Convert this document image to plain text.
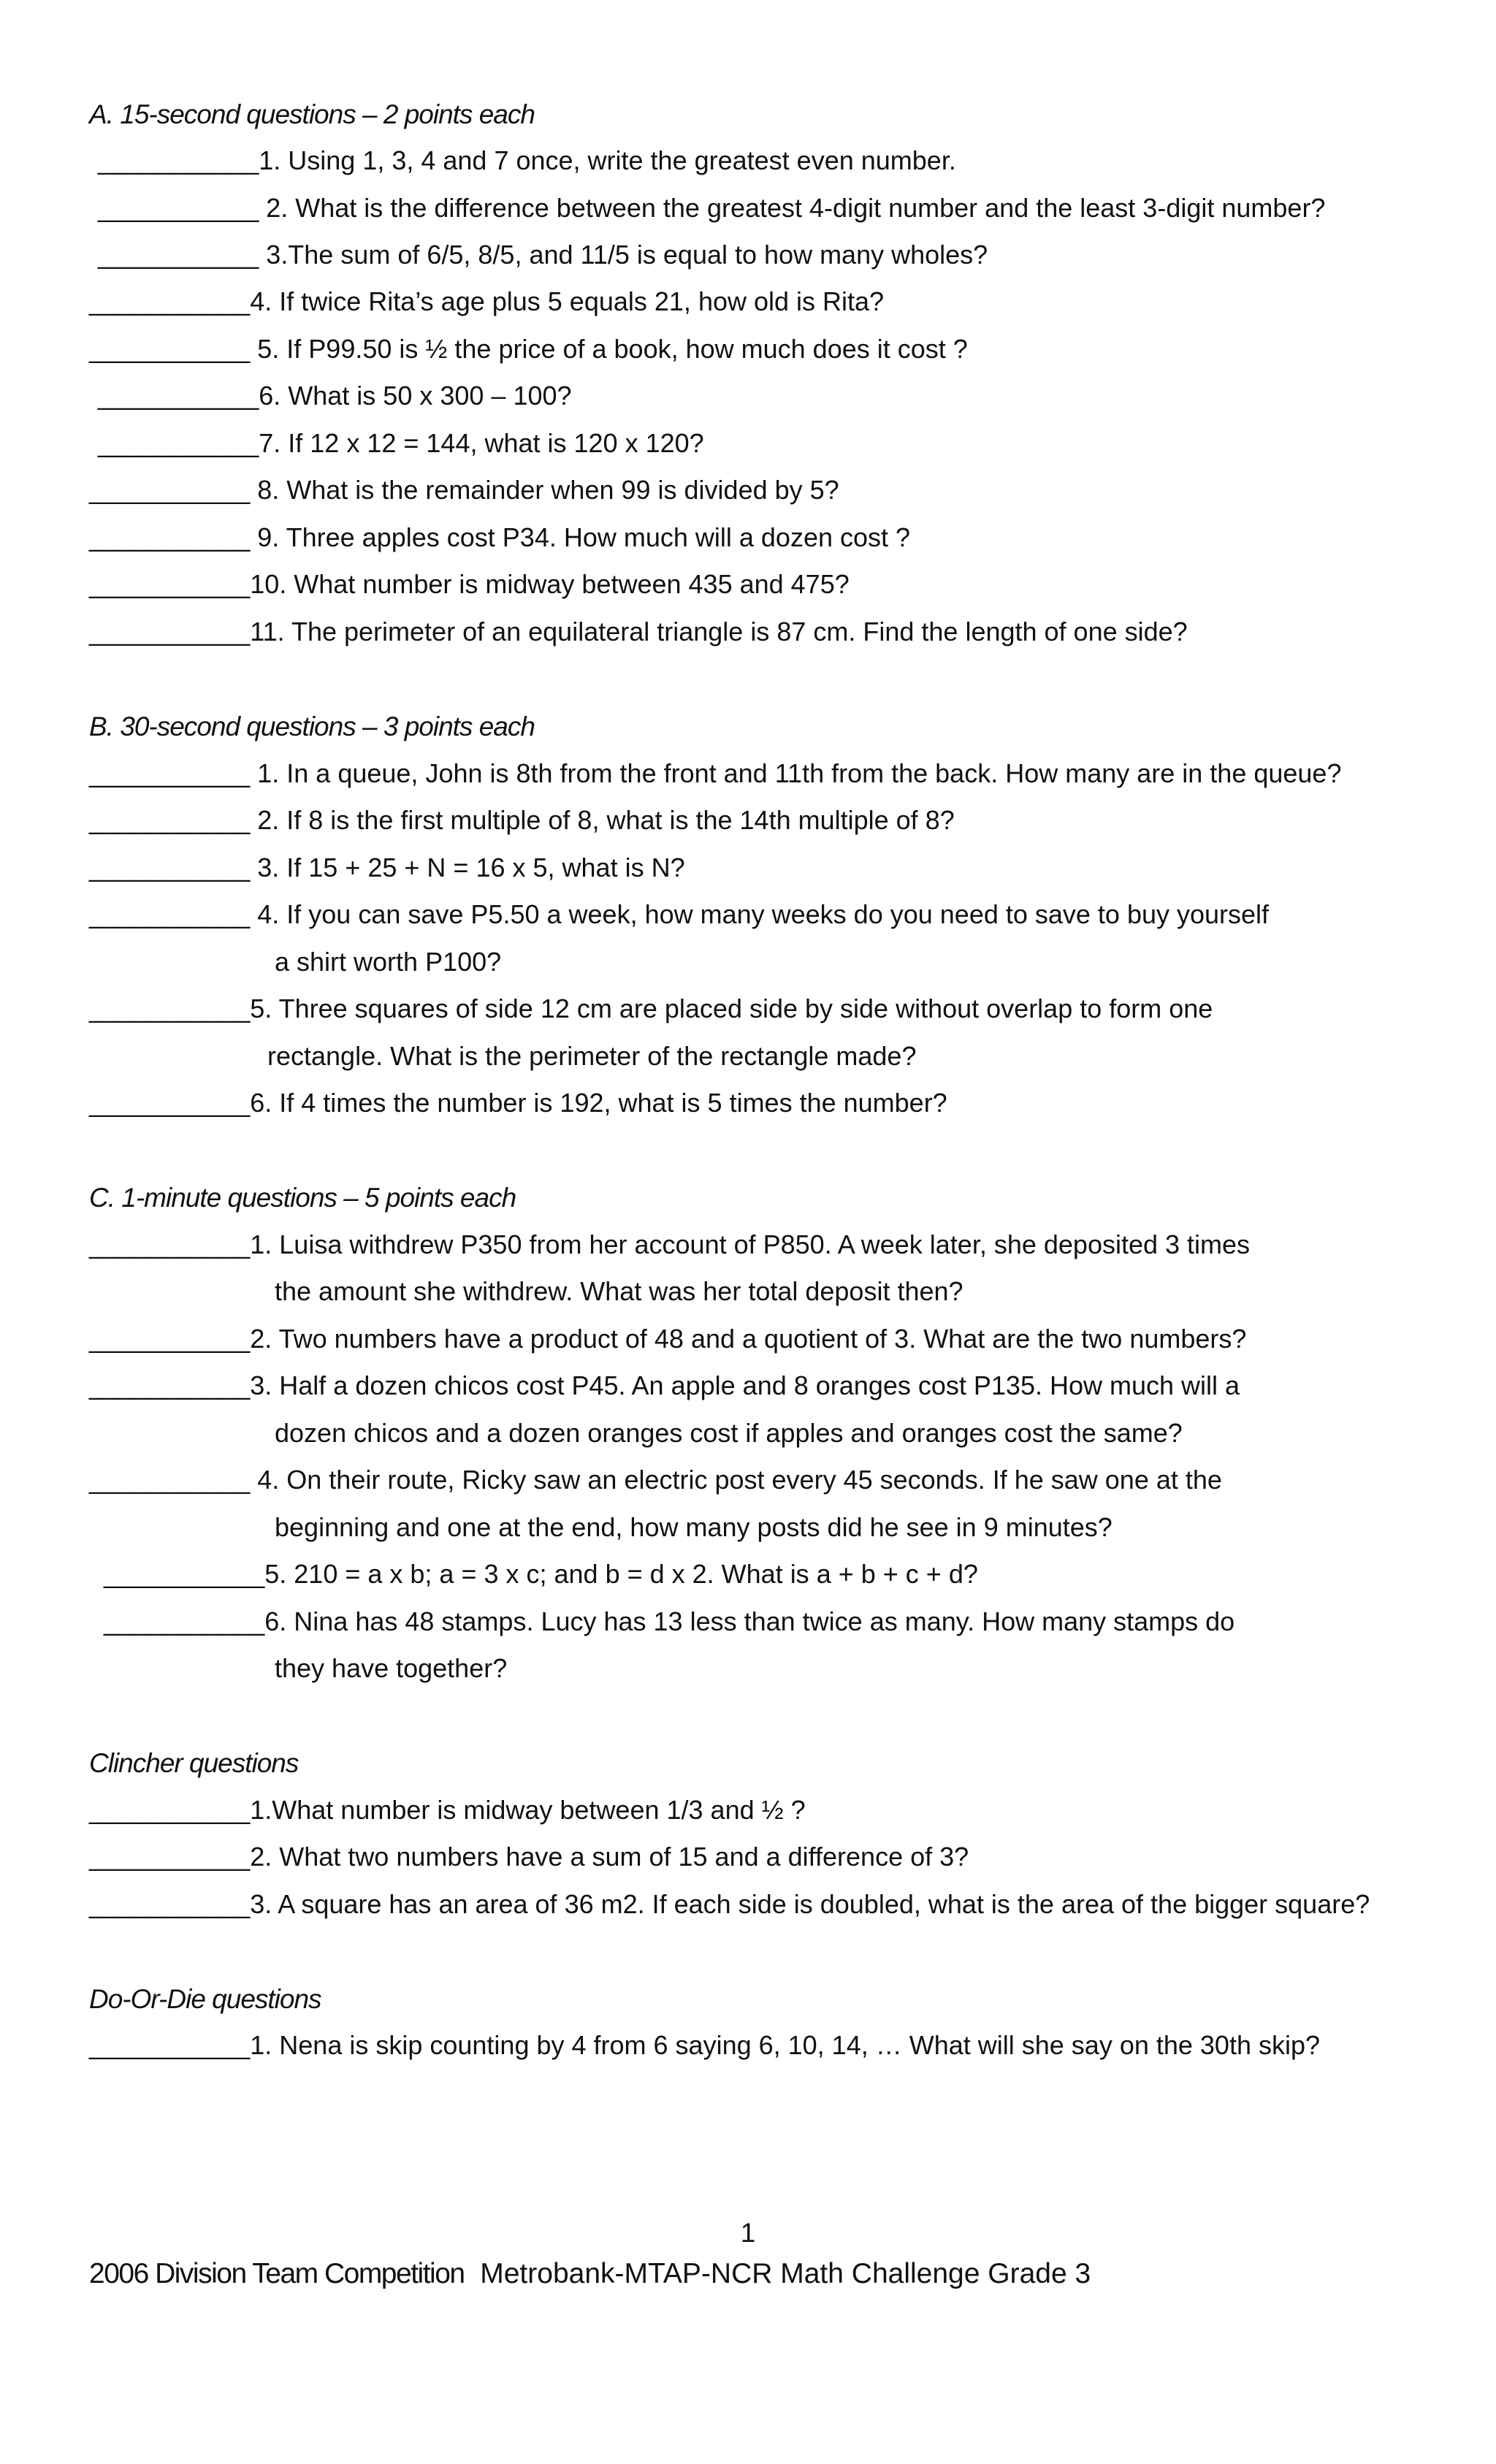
A. 15-second questions – 2 points each
___________1. Using 1, 3, 4 and 7 once, write the greatest even number.
___________ 2. What is the difference between the greatest 4-digit number and the least 3-digit number?
___________ 3.The sum of 6/5, 8/5, and 11/5 is equal to how many wholes?
___________4. If twice Rita’s age plus 5 equals 21, how old is Rita?
___________ 5. If P99.50 is ½ the price of a book, how much does it cost ?
___________6. What is 50 x 300 – 100?
___________7. If 12 x 12 = 144, what is 120 x 120?
___________ 8. What is the remainder when 99 is divided by 5?
___________ 9. Three apples cost P34. How much will a dozen cost ?
___________10. What number is midway between 435 and 475?
___________11. The perimeter of an equilateral triangle is 87 cm. Find the length of one side?
B. 30-second questions – 3 points each
___________ 1. In a queue, John is 8th from the front and 11th from the back. How many are in the queue?
___________ 2. If 8 is the first multiple of 8, what is the 14th multiple of 8?
___________ 3. If 15 + 25 + N = 16 x 5, what is N?
___________ 4. If you can save P5.50 a week, how many weeks do you need to save to buy yourself
a shirt worth P100?
___________5. Three squares of side 12 cm are placed side by side without overlap to form one
rectangle. What is the perimeter of the rectangle made?
___________6. If 4 times the number is 192, what is 5 times the number?
C. 1-minute questions – 5 points each
___________1. Luisa withdrew P350 from her account of P850. A week later, she deposited 3 times
the amount she withdrew. What was her total deposit then?
___________2. Two numbers have a product of 48 and a quotient of 3. What are the two numbers?
___________3. Half a dozen chicos cost P45. An apple and 8 oranges cost P135. How much will a
dozen chicos and a dozen oranges cost if apples and oranges cost the same?
___________ 4. On their route, Ricky saw an electric post every 45 seconds. If he saw one at the
beginning and one at the end, how many posts did he see in 9 minutes?
___________5. 210 = a x b; a = 3 x c; and b = d x 2. What is a + b + c + d?
___________6. Nina has 48 stamps. Lucy has 13 less than twice as many. How many stamps do
they have together?
Clincher questions
___________1.What number is midway between 1/3 and ½ ?
___________2. What two numbers have a sum of 15 and a difference of 3?
___________3. A square has an area of 36 m2. If each side is doubled, what is the area of the bigger square?
Do-Or-Die questions
___________1. Nena is skip counting by 4 from 6 saying 6, 10, 14, … What will she say on the 30th skip?
1
2006 Division Team Competition Metrobank-MTAP-NCR Math Challenge Grade 3
